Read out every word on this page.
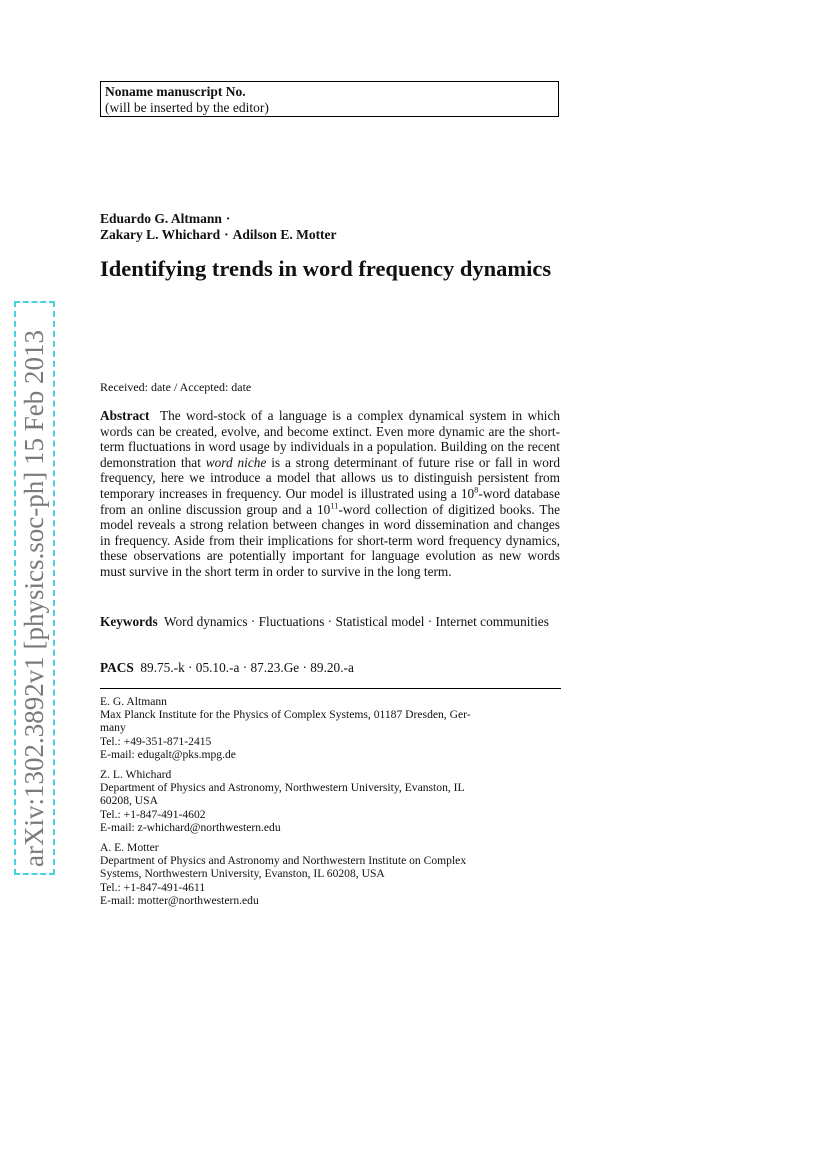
Noname manuscript No.
(will be inserted by the editor)
Eduardo G. Altmann ·
Zakary L. Whichard · Adilson E. Motter
Identifying trends in word frequency dynamics
Received: date / Accepted: date

Abstract The word-stock of a language is a complex dynamical system in which words can be created, evolve, and become extinct. Even more dynamic are the short-term fluctuations in word usage by individuals in a population. Building on the recent demonstration that word niche is a strong determinant of future rise or fall in word frequency, here we introduce a model that allows us to distinguish persistent from temporary increases in frequency. Our model is illustrated using a $10^8$-word database from an online discussion group and a $10^{11}$-word collection of digitized books. The model reveals a strong relation between changes in word dissemination and changes in frequency. Aside from their implications for short-term word frequency dynamics, these observations are potentially important for language evolution as new words must survive in the short term in order to survive in the long term.

Keywords Word dynamics · Fluctuations · Statistical model · Internet communities

PACS 89.75.-k · 05.10.-a · 87.23.Ge · 89.20.-a

E. G. Altmann
Max Planck Institute for the Physics of Complex Systems, 01187 Dresden, Ger-
many
Tel.: +49-351-871-2415
E-mail: edugalt@pks.mpg.de
Z. L. Whichard
Department of Physics and Astronomy, Northwestern University, Evanston, IL
60208, USA
Tel.: +1-847-491-4602
E-mail: z-whichard@northwestern.edu
A. E. Motter
Department of Physics and Astronomy and Northwestern Institute on Complex
Systems, Northwestern University, Evanston, IL 60208, USA
Tel.: +1-847-491-4611
E-mail: motter@northwestern.edu
arXiv:1302.3892v1 [physics.soc-ph] 15 Feb 2013
